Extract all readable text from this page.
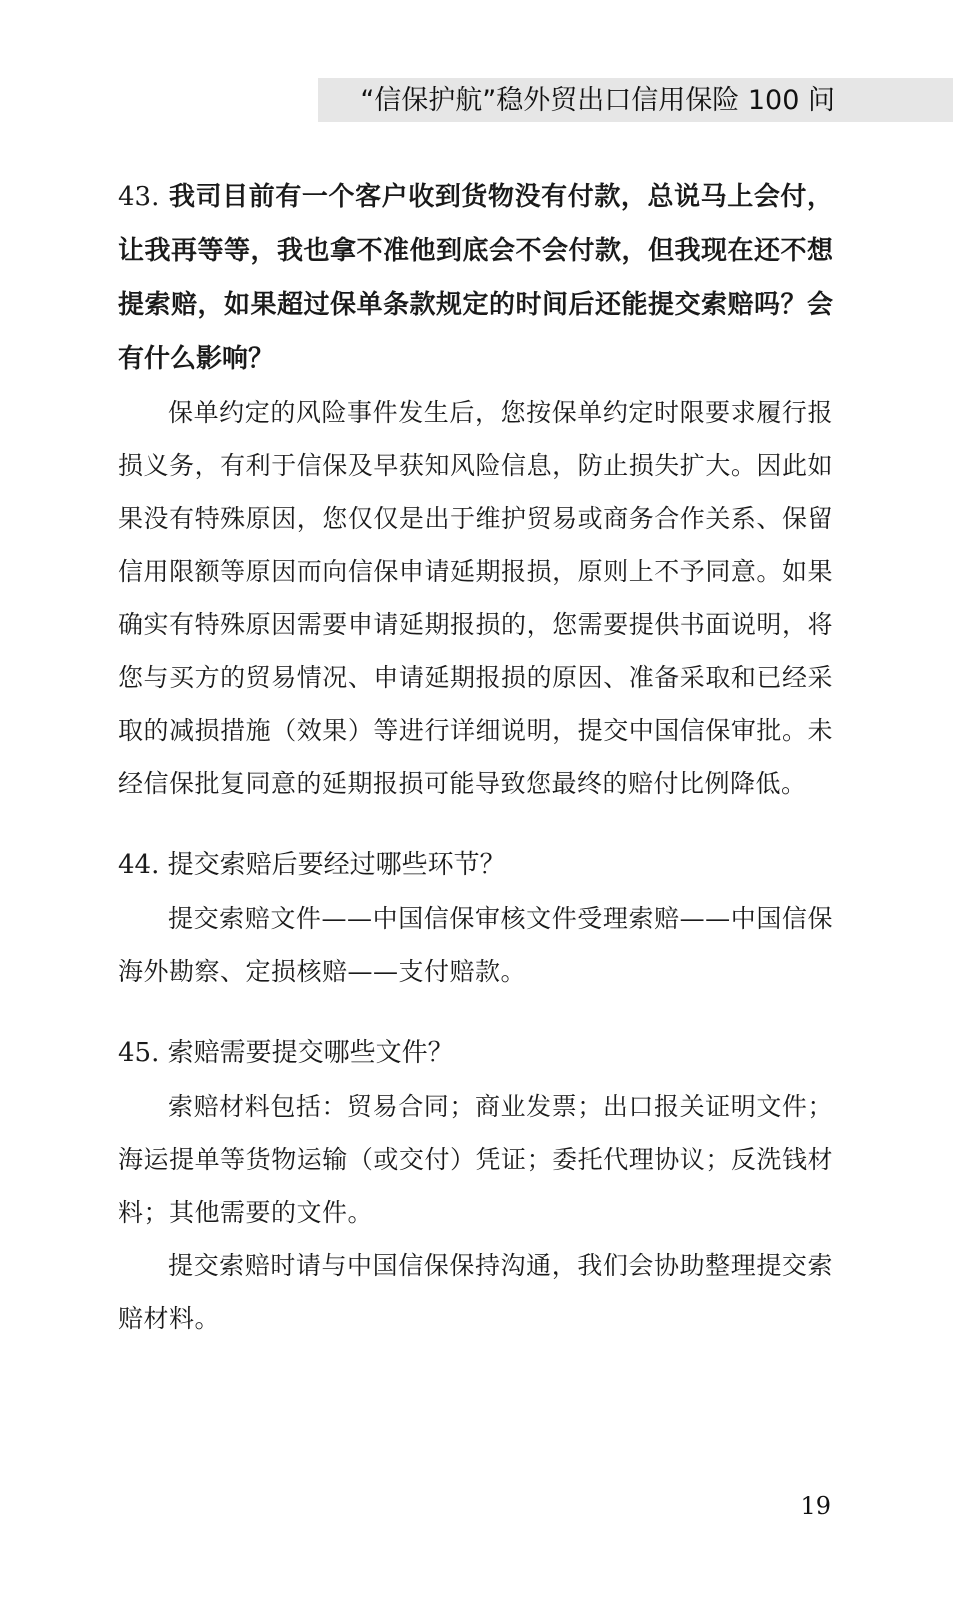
“信保护航”稳外贸出口信用保险 100 问

43. 我司目前有一个客户收到货物没有付款，总说马上会付，让我再等等，我也拿不准他到底会不会付款，但我现在还不想提索赔，如果超过保单条款规定的时间后还能提交索赔吗？会有什么影响？

保单约定的风险事件发生后，您按保单约定时限要求履行报损义务，有利于信保及早获知风险信息，防止损失扩大。因此如果没有特殊原因，您仅仅是出于维护贸易或商务合作关系、保留信用限额等原因而向信保申请延期报损，原则上不予同意。如果确实有特殊原因需要申请延期报损的，您需要提供书面说明，将您与买方的贸易情况、申请延期报损的原因、准备采取和已经采取的减损措施（效果）等进行详细说明，提交中国信保审批。未经信保批复同意的延期报损可能导致您最终的赔付比例降低。

44. 提交索赔后要经过哪些环节？

提交索赔文件——中国信保审核文件受理索赔——中国信保海外勘察、定损核赔——支付赔款。

45. 索赔需要提交哪些文件？

索赔材料包括：贸易合同；商业发票；出口报关证明文件；海运提单等货物运输（或交付）凭证；委托代理协议；反洗钱材料；其他需要的文件。

提交索赔时请与中国信保保持沟通，我们会协助整理提交索赔材料。

19
